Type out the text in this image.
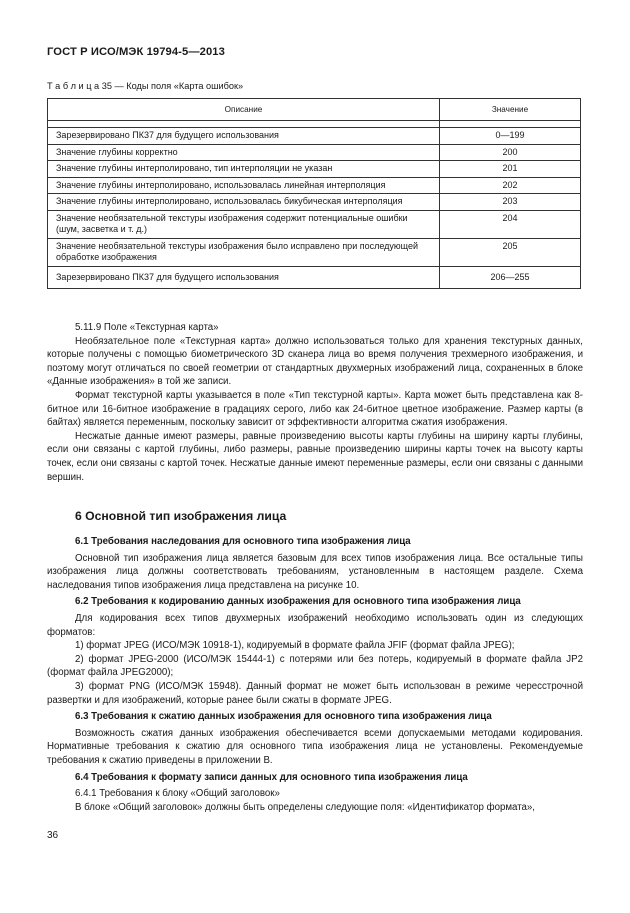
ГОСТ Р ИСО/МЭК 19794-5—2013
Т а б л и ц а 35 — Коды поля «Карта ошибок»
Описание	Значение

Зарезервировано ПК37 для будущего использования	0—199
Значение глубины корректно	200
Значение глубины интерполировано, тип интерполяции не указан	201
Значение глубины интерполировано, использовалась линейная интерполяция	202
Значение глубины интерполировано, использовалась бикубическая интерполяция	203
Значение необязательной текстуры изображения содержит потенциальные ошибки (шум, засветка и т. д.)	204
Значение необязательной текстуры изображения было исправлено при последующей обработке изображения	205
Зарезервировано ПК37 для будущего использования	206—255

5.11.9 Поле «Текстурная карта»

Необязательное поле «Текстурная карта» должно использоваться только для хранения текстурных данных, которые получены с помощью биометрического 3D сканера лица во время получения трехмерного изображения, и поэтому могут отличаться по своей геометрии от стандартных двухмерных изображений лица, сохраненных в блоке «Данные изображения» в той же записи.

Формат текстурной карты указывается в поле «Тип текстурной карты». Карта может быть представлена как 8-битное или 16-битное изображение в градациях серого, либо как 24-битное цветное изображение. Размер карты (в байтах) является переменным, поскольку зависит от эффективности алгоритма сжатия изображения.

Несжатые данные имеют размеры, равные произведению высоты карты глубины на ширину карты глубины, если они связаны с картой глубины, либо размеры, равные произведению ширины карты точек на высоту карты точек, если они связаны с картой точек. Несжатые данные имеют переменные размеры, если они связаны с данными вершин.

6 Основной тип изображения лица

6.1 Требования наследования для основного типа изображения лица

Основной тип изображения лица является базовым для всех типов изображения лица. Все остальные типы изображения лица должны соответствовать требованиям, установленным в настоящем разделе. Схема наследования типов изображения лица представлена на рисунке 10.

6.2 Требования к кодированию данных изображения для основного типа изображения лица

Для кодирования всех типов двухмерных изображений необходимо использовать один из следующих форматов:

1) формат JPEG (ИСО/МЭК 10918-1), кодируемый в формате файла JFIF (формат файла JPEG);

2) формат JPEG-2000 (ИСО/МЭК 15444-1) с потерями или без потерь, кодируемый в формате файла JP2 (формат файла JPEG2000);

3) формат PNG (ИСО/МЭК 15948). Данный формат не может быть использован в режиме чересстрочной развертки и для изображений, которые ранее были сжаты в формате JPEG.

6.3 Требования к сжатию данных изображения для основного типа изображения лица

Возможность сжатия данных изображения обеспечивается всеми допускаемыми методами кодирования. Нормативные требования к сжатию для основного типа изображения лица не установлены. Рекомендуемые требования к сжатию приведены в приложении В.

6.4 Требования к формату записи данных для основного типа изображения лица

6.4.1 Требования к блоку «Общий заголовок»

В блоке «Общий заголовок» должны быть определены следующие поля: «Идентификатор формата»,

36
